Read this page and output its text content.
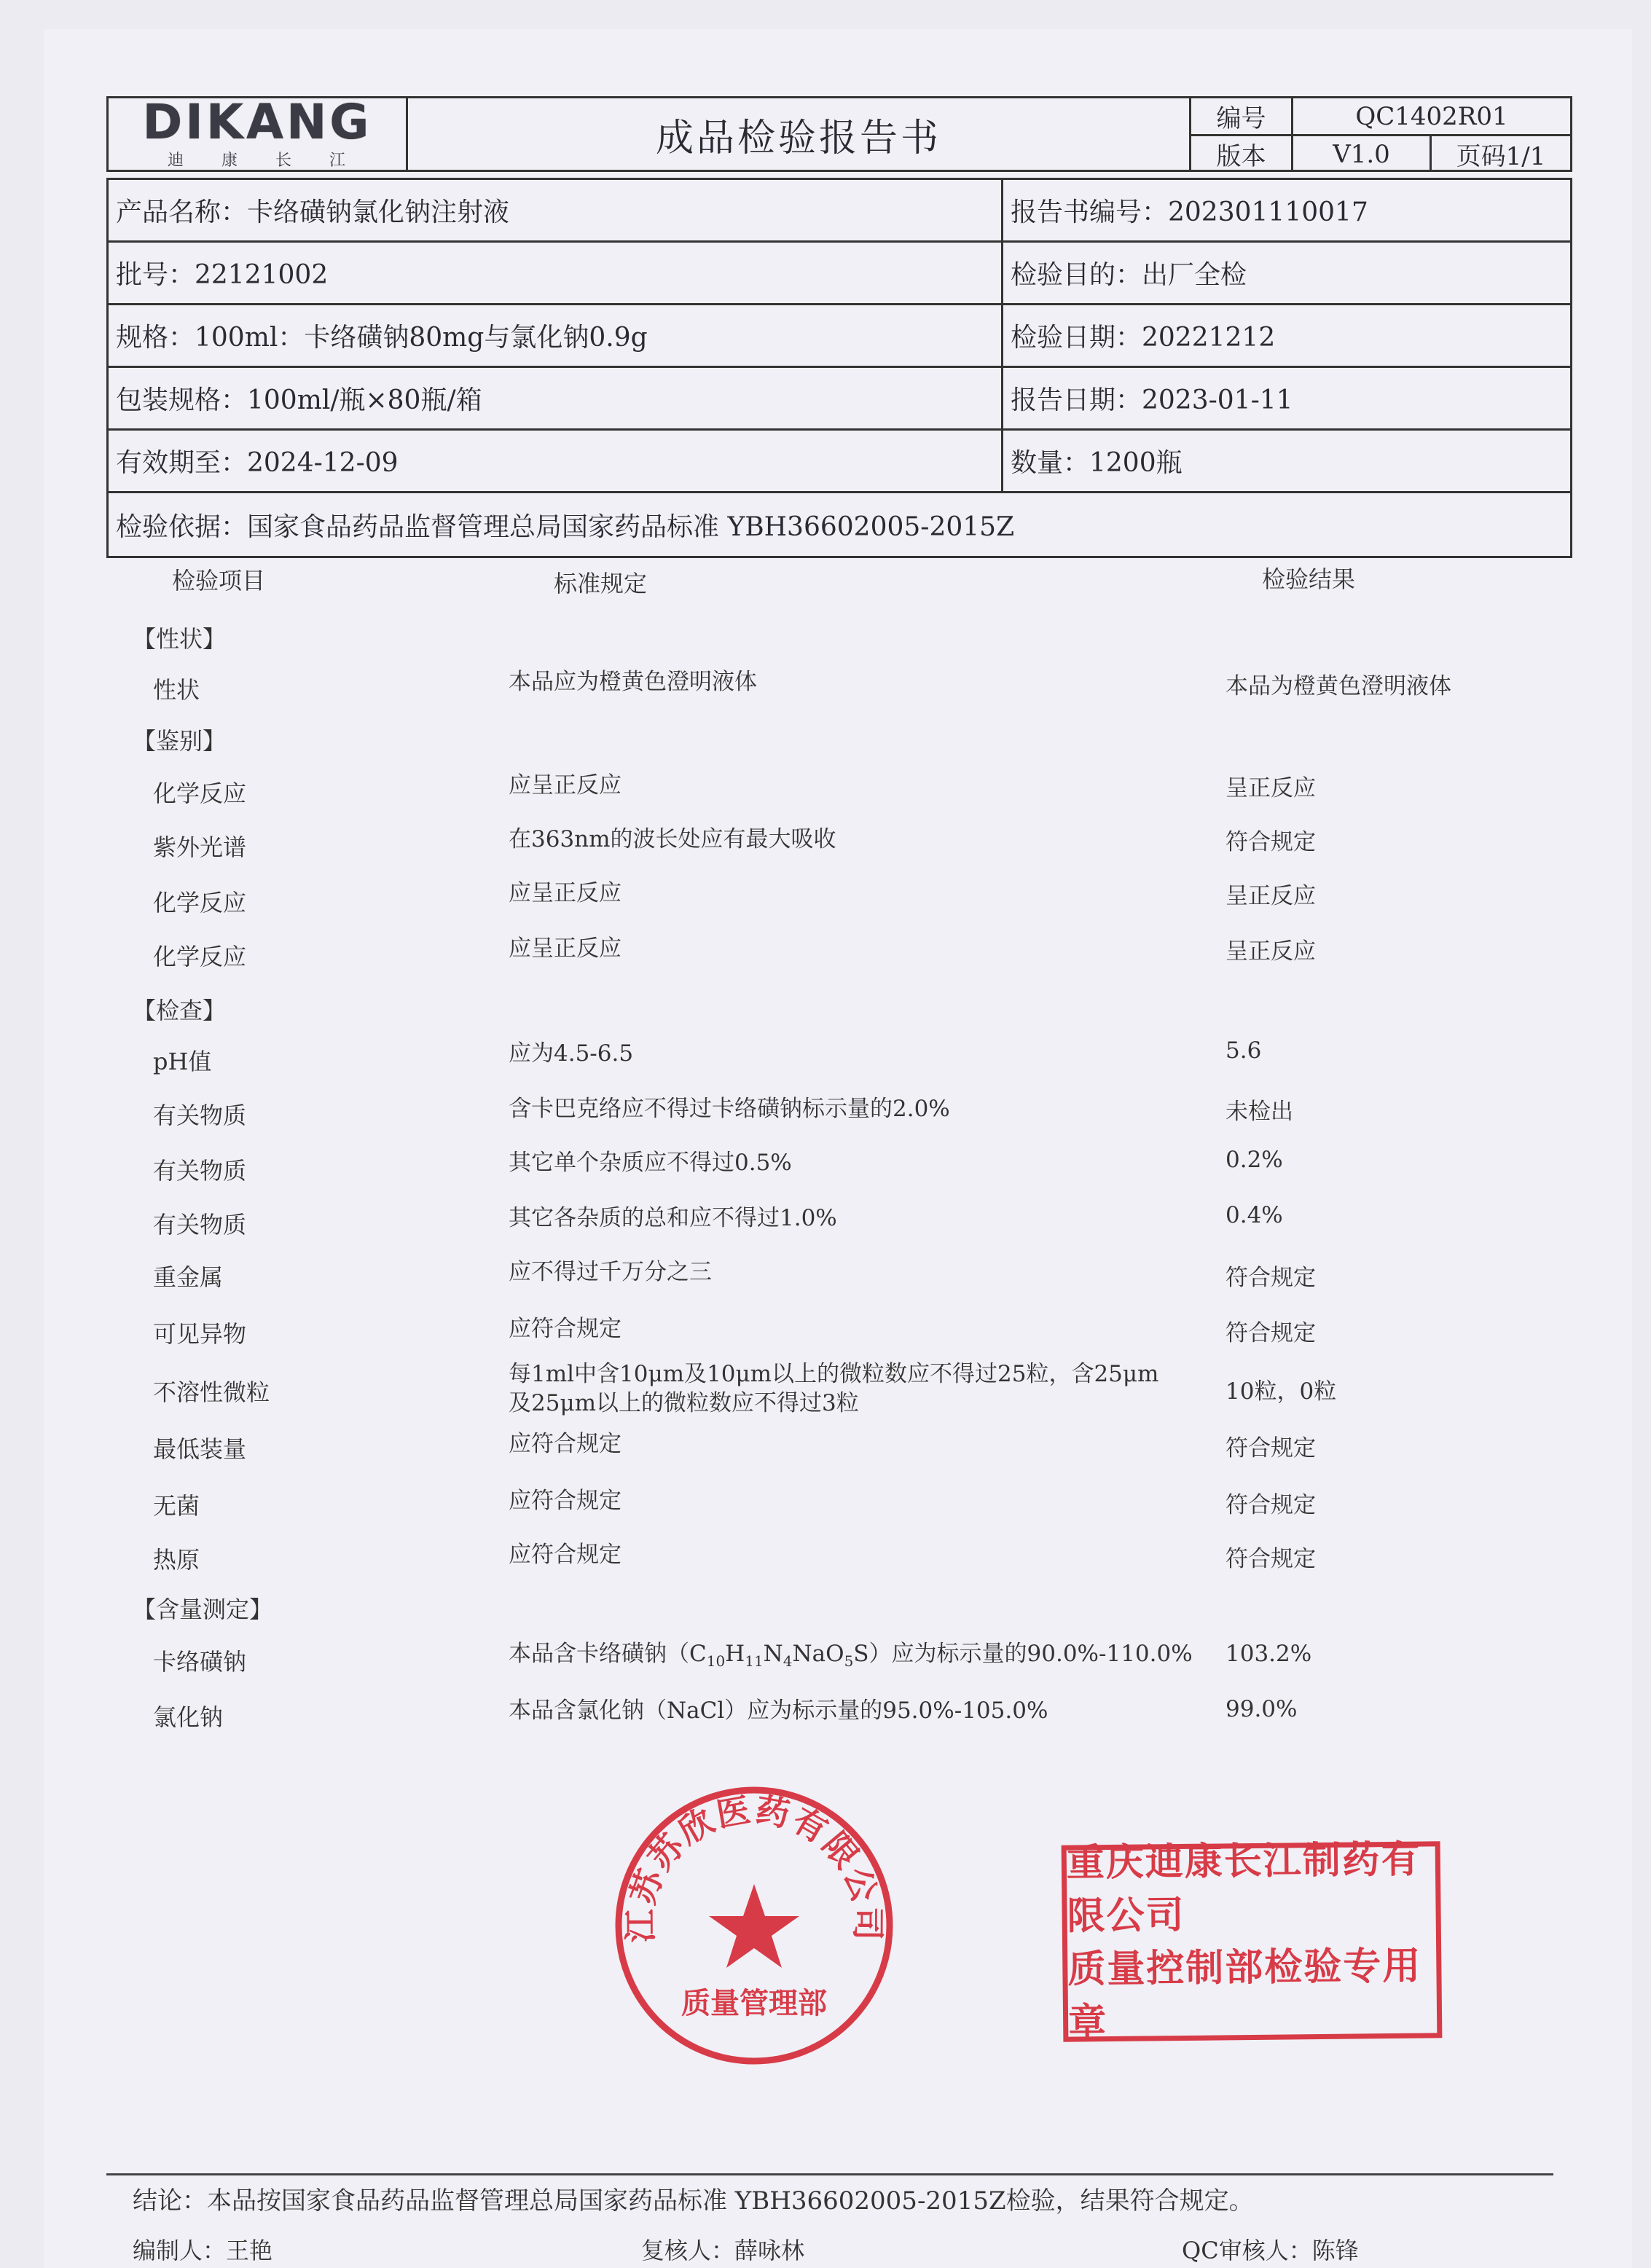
DIKANG
迪康长江
成品检验报告书	编号	QC1402R01
版本	V1.0	页码1/1
产品名称：卡络磺钠氯化钠注射液	报告书编号：202301110017
批号：22121002	检验目的：出厂全检
规格：100ml：卡络磺钠80mg与氯化钠0.9g	检验日期：20221212
包装规格：100ml/瓶×80瓶/箱	报告日期：2023-01-11
有效期至：2024-12-09	数量：1200瓶
检验依据：国家食品药品监督管理总局国家药品标准 YBH36602005-2015Z
检验项目	标准规定	检验结果
【性状】
【鉴别】
【检查】
【含量测定】
性状	本品应为橙黄色澄明液体	本品为橙黄色澄明液体
化学反应	应呈正反应	呈正反应
紫外光谱	在363nm的波长处应有最大吸收	符合规定
化学反应	应呈正反应	呈正反应
化学反应	应呈正反应	呈正反应
pH值	应为4.5-6.5	5.6
有关物质	含卡巴克络应不得过卡络磺钠标示量的2.0%	未检出
有关物质	其它单个杂质应不得过0.5%	0.2%
有关物质	其它各杂质的总和应不得过1.0%	0.4%
重金属	应不得过千万分之三	符合规定
可见异物	应符合规定	符合规定
不溶性微粒
每1ml中含10μm及10μm以上的微粒数应不得过25粒，含25μm
及25μm以上的微粒数应不得过3粒	10粒，0粒
最低装量	应符合规定	符合规定
无菌	应符合规定	符合规定
热原	应符合规定	符合规定
卡络磺钠	本品含卡络磺钠$(C_{10}H_{11}N_4NaO_5S)$应为标示量的90.0%-110.0% 103.2%
氯化钠	本品含氯化钠（NaCl）应为标示量的95.0%-105.0%	99.0%
江苏苏欣医药有限公司
质量管理部
重庆迪康长江制药有限公司
质量控制部检验专用章
结论：本品按国家食品药品监督管理总局国家药品标准 YBH36602005-2015Z检验，结果符合规定。
编制人：王艳	复核人：薛咏林	QC审核人：陈锋
